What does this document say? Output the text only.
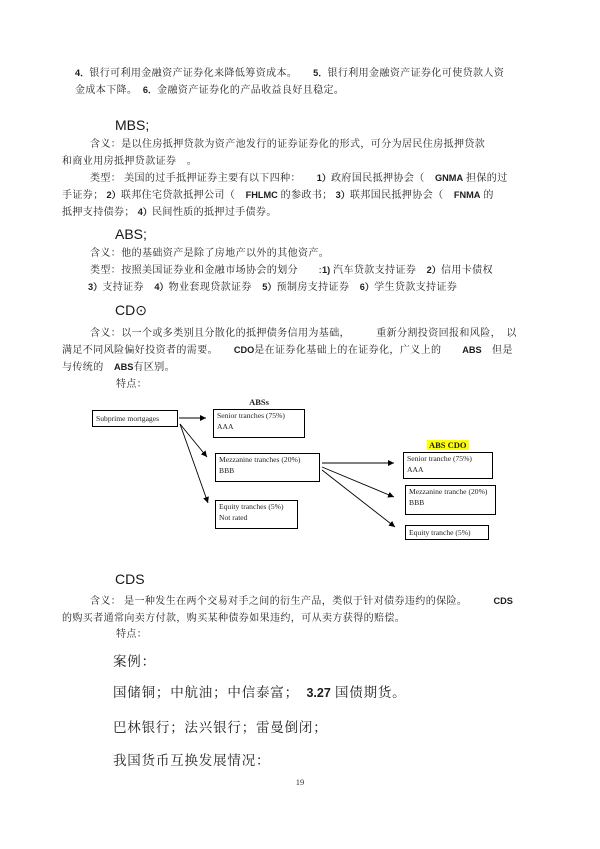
4．银行可利用金融资产证券化来降低筹资成本。　　5．银行利用金融资产证券化可使贷款人资
金成本下降。　6．金融资产证券化的产品收益良好且稳定。
MBS;
含义：是以住房抵押贷款为资产池发行的证券证券化的形式，可分为居民住房抵押贷款
和商业用房抵押贷款证券　。
类型： 美国的过手抵押证券主要有以下四种：　　1）政府国民抵押协会（　GNMA 担保的过
手证券； 2）联邦住宅贷款抵押公司（　FHLMC 的参政书； 3）联邦国民抵押协会（　FNMA 的
抵押支持债券； 4）民间性质的抵押过手债券。
ABS;
含义：他的基础资产是除了房地产以外的其他资产。
类型：按照美国证券业和金融市场协会的划分　　:1) 汽车贷款支持证券　2）信用卡债权
3）支持证券　4）物业套现贷款证券　5）预制房支持证券　6）学生贷款支持证券
CD⊙
含义：以一个或多类别且分散化的抵押债务信用为基础，　　　重新分割投资回报和风险，　以
满足不同风险偏好投资者的需要。　　CDO是在证券化基础上的在证券化，广义上的　　ABS　但是
与传统的　ABS有区别。
特点：
ABSs
Subprime mortgages	Senior tranches (75%)
AAA
Mezzanine tranches (20%)
BBB
Equity tranches (5%)
Not rated
ABS CDO
Senior tranche (75%)
AAA
Mezzanine tranche (20%)
BBB
Equity tranche (5%)
CDS
含义： 是一种发生在两个交易对手之间的衍生产品，类似于针对债券违约的保险。　　　CDS
的购买者通常向卖方付款，购买某种债券如果违约，可从卖方获得的赔偿。
特点：
案例：
国储铜；中航油；中信泰富；　3.27 国债期货。
巴林银行；法兴银行；雷曼倒闭；
我国货币互换发展情况：
19
